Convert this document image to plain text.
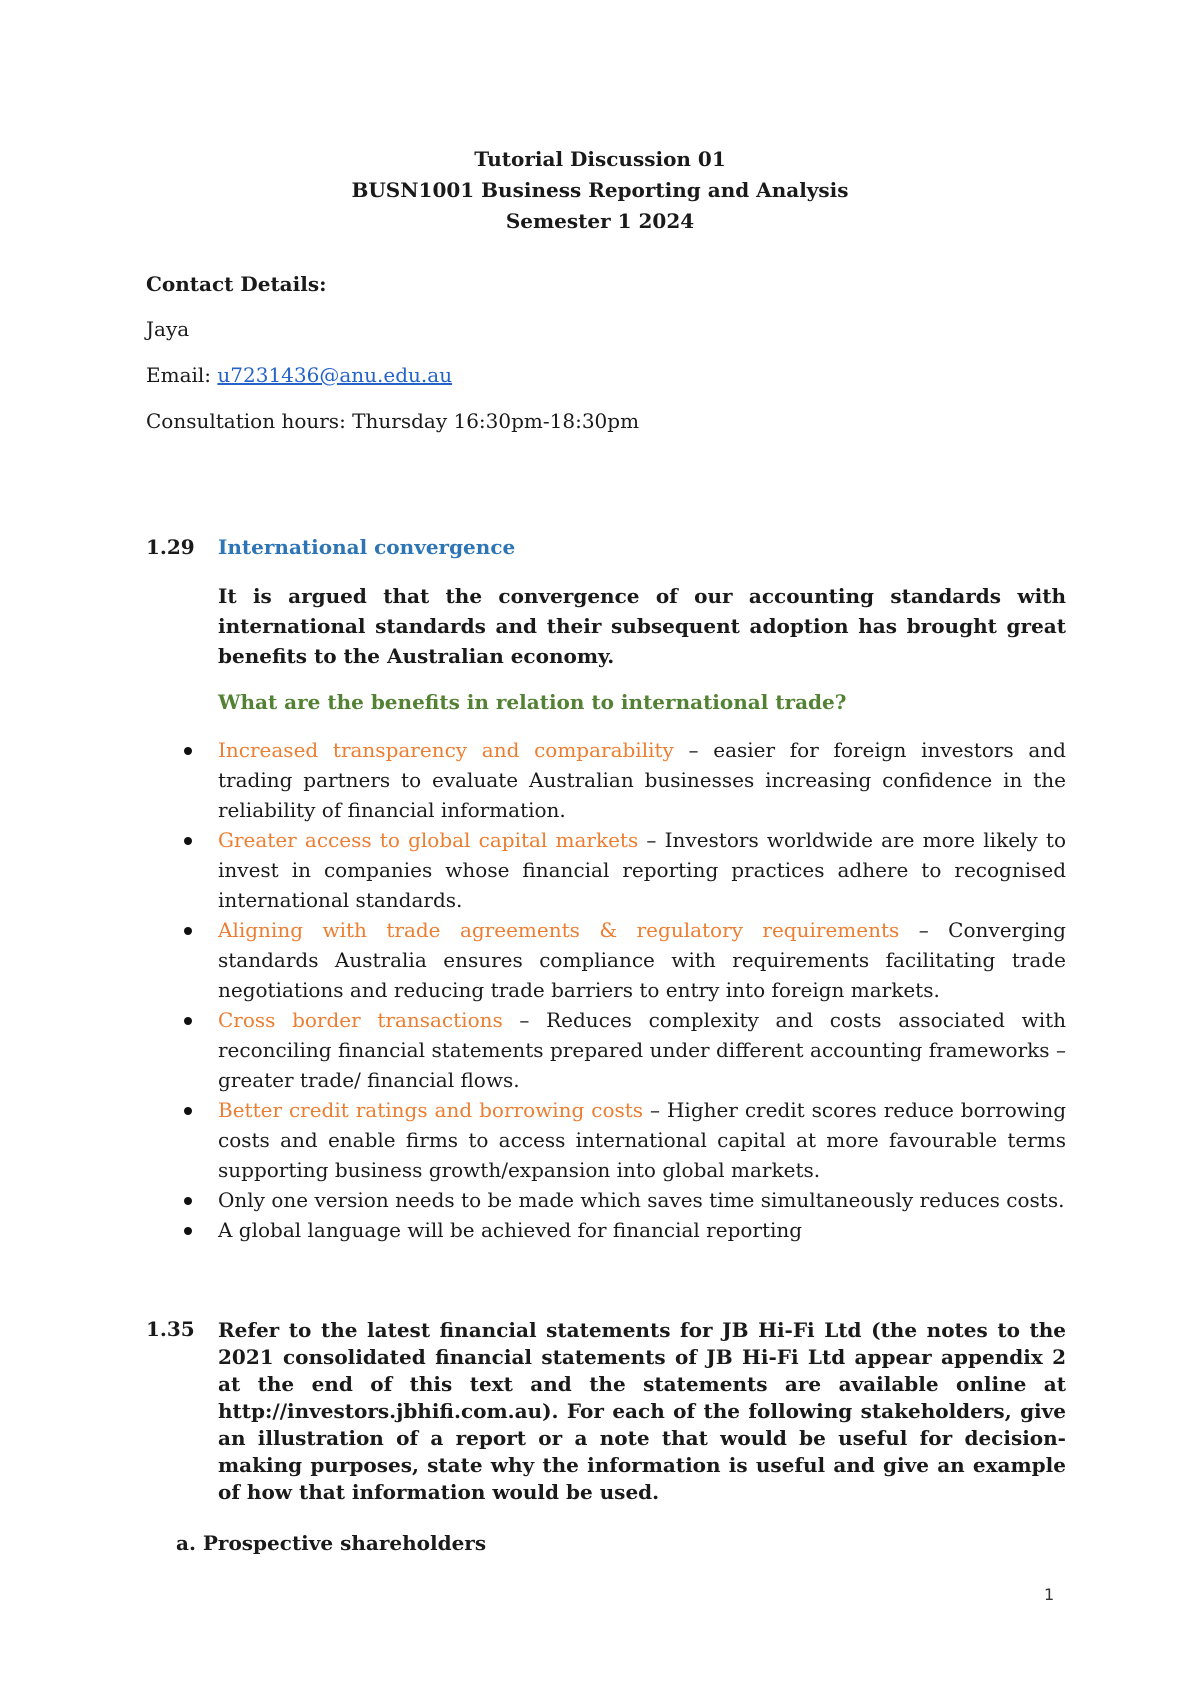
Tutorial Discussion 01
BUSN1001 Business Reporting and Analysis
Semester 1 2024
Contact Details:
Jaya
Email: u7231436@anu.edu.au
Consultation hours: Thursday 16:30pm-18:30pm
1.29 International convergence
It is argued that the convergence of our accounting standards with international standards and their subsequent adoption has brought great benefits to the Australian economy.
What are the benefits in relation to international trade?
Increased transparency and comparability – easier for foreign investors and trading partners to evaluate Australian businesses increasing confidence in the reliability of financial information.
Greater access to global capital markets – Investors worldwide are more likely to invest in companies whose financial reporting practices adhere to recognised international standards.
Aligning with trade agreements & regulatory requirements – Converging standards Australia ensures compliance with requirements facilitating trade negotiations and reducing trade barriers to entry into foreign markets.
Cross border transactions – Reduces complexity and costs associated with reconciling financial statements prepared under different accounting frameworks – greater trade/ financial flows.
Better credit ratings and borrowing costs – Higher credit scores reduce borrowing costs and enable firms to access international capital at more favourable terms supporting business growth/expansion into global markets.
Only one version needs to be made which saves time simultaneously reduces costs.
A global language will be achieved for financial reporting
1.35 Refer to the latest financial statements for JB Hi-Fi Ltd (the notes to the 2021 consolidated financial statements of JB Hi-Fi Ltd appear appendix 2 at the end of this text and the statements are available online at http://investors.jbhifi.com.au). For each of the following stakeholders, give an illustration of a report or a note that would be useful for decision-making purposes, state why the information is useful and give an example of how that information would be used.
a. Prospective shareholders
1
